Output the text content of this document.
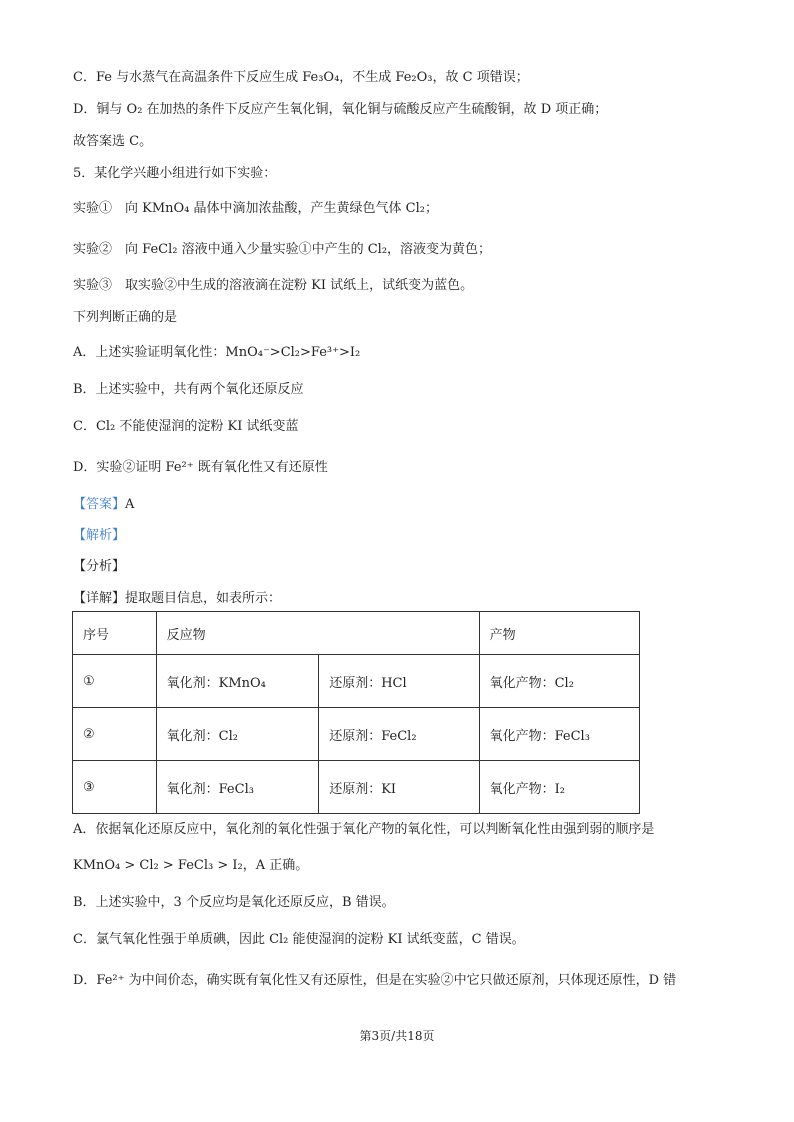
C．Fe 与水蒸气在高温条件下反应生成 Fe₃O₄，不生成 Fe₂O₃，故 C 项错误；
D．铜与 O₂ 在加热的条件下反应产生氧化铜，氧化铜与硫酸反应产生硫酸铜，故 D 项正确；
故答案选 C。
5．某化学兴趣小组进行如下实验：
实验①　向 KMnO₄ 晶体中滴加浓盐酸，产生黄绿色气体 Cl₂；
实验②　向 FeCl₂ 溶液中通入少量实验①中产生的 Cl₂，溶液变为黄色；
实验③　取实验②中生成的溶液滴在淀粉 KI 试纸上，试纸变为蓝色。
下列判断正确的是
A．上述实验证明氧化性：MnO₄⁻>Cl₂>Fe³⁺>I₂
B．上述实验中，共有两个氧化还原反应
C．Cl₂ 不能使湿润的淀粉 KI 试纸变蓝
D．实验②证明 Fe²⁺ 既有氧化性又有还原性
【答案】A
【解析】
【分析】
【详解】提取题目信息，如表所示：
序号	反应物		产物
①	氧化剂：KMnO₄	还原剂：HCl	氧化产物：Cl₂
②	氧化剂：Cl₂	还原剂：FeCl₂	氧化产物：FeCl₃
③	氧化剂：FeCl₃	还原剂：KI	氧化产物：I₂
A．依据氧化还原反应中，氧化剂的氧化性强于氧化产物的氧化性，可以判断氧化性由强到弱的顺序是
KMnO₄ > Cl₂ > FeCl₃ > I₂，A 正确。
B．上述实验中，3 个反应均是氧化还原反应，B 错误。
C．氯气氧化性强于单质碘，因此 Cl₂ 能使湿润的淀粉 KI 试纸变蓝，C 错误。
D．Fe²⁺ 为中间价态，确实既有氧化性又有还原性，但是在实验②中它只做还原剂，只体现还原性，D 错
第3页/共18页
